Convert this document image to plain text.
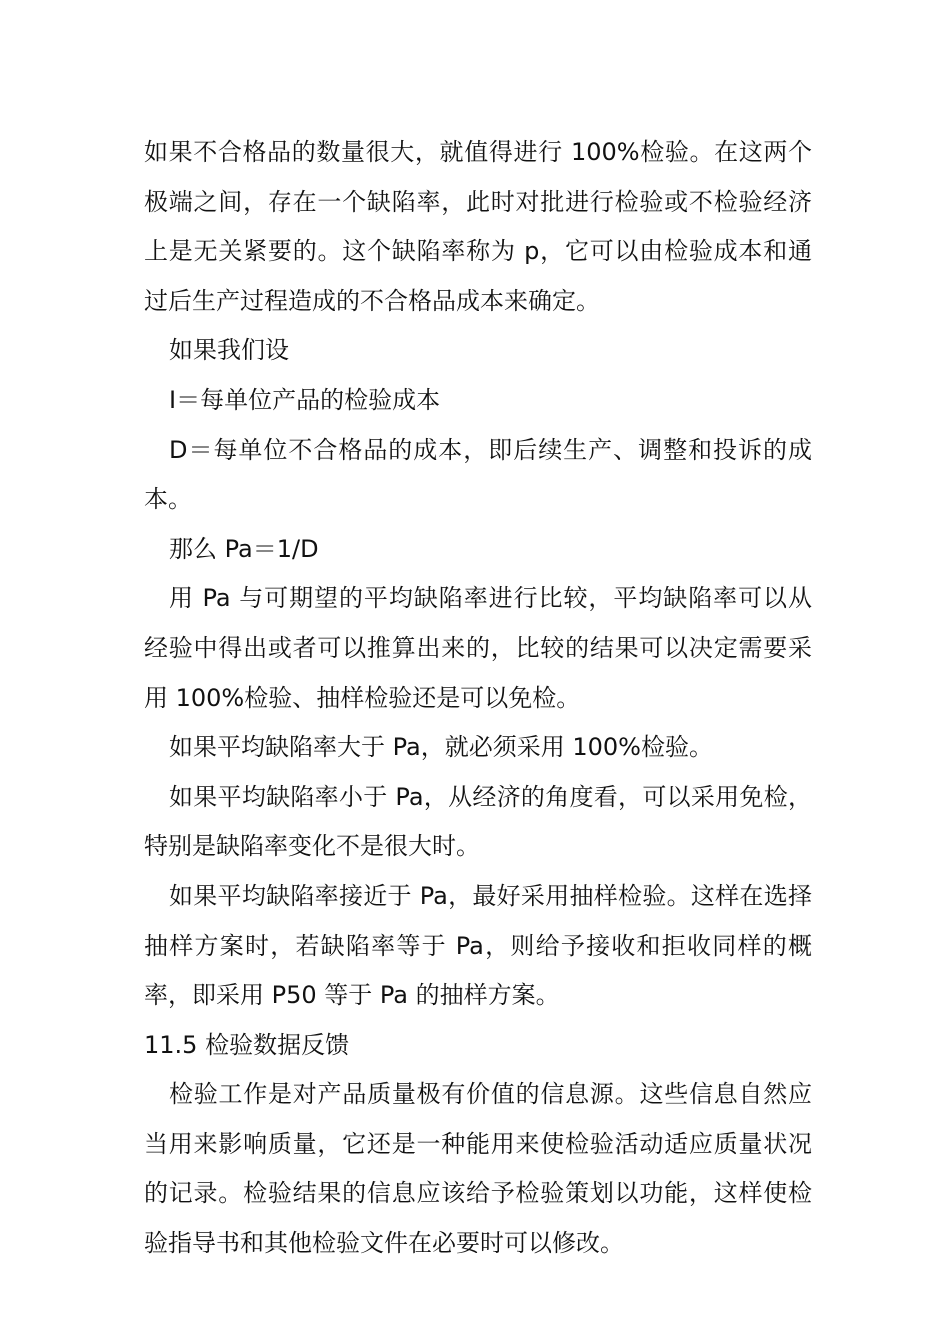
如果不合格品的数量很大，就值得进行 100%检验。在这两个极端之间，存在一个缺陷率，此时对批进行检验或不检验经济上是无关紧要的。这个缺陷率称为 p，它可以由检验成本和通过后生产过程造成的不合格品成本来确定。

如果我们设

I＝每单位产品的检验成本

D＝每单位不合格品的成本，即后续生产、调整和投诉的成本。

那么 Pa＝1/D

用 Pa 与可期望的平均缺陷率进行比较，平均缺陷率可以从经验中得出或者可以推算出来的，比较的结果可以决定需要采用 100%检验、抽样检验还是可以免检。

如果平均缺陷率大于 Pa，就必须采用 100%检验。

如果平均缺陷率小于 Pa，从经济的角度看，可以采用免检，特别是缺陷率变化不是很大时。

如果平均缺陷率接近于 Pa，最好采用抽样检验。这样在选择抽样方案时，若缺陷率等于 Pa，则给予接收和拒收同样的概率，即采用 P50 等于 Pa 的抽样方案。

11.5 检验数据反馈

检验工作是对产品质量极有价值的信息源。这些信息自然应当用来影响质量，它还是一种能用来使检验活动适应质量状况的记录。检验结果的信息应该给予检验策划以功能，这样使检验指导书和其他检验文件在必要时可以修改。
